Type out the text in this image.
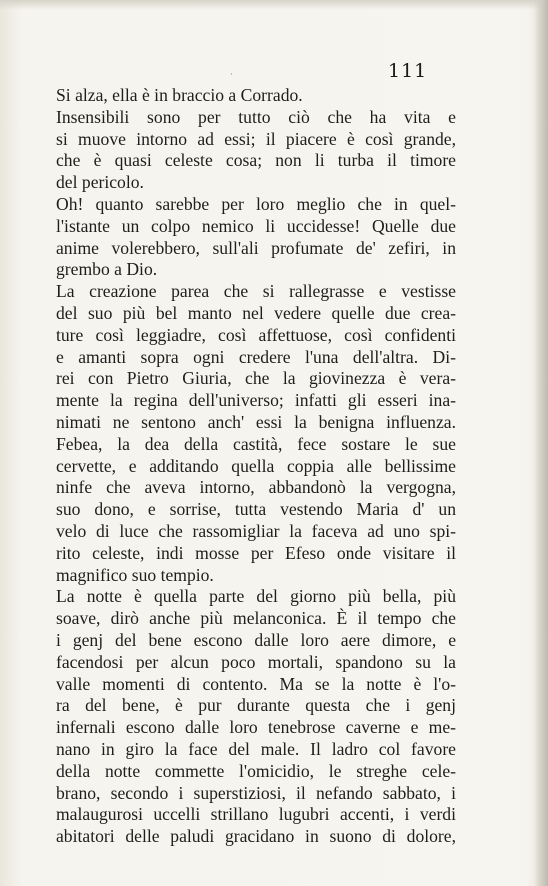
·	111
Si alza, ella è in braccio a Corrado.
Insensibili sono per tutto ciò che ha vita e
si muove intorno ad essi; il piacere è così grande,
che è quasi celeste cosa; non li turba il timore
del pericolo.
Oh! quanto sarebbe per loro meglio che in quel-
l'istante un colpo nemico li uccidesse! Quelle due
anime volerebbero, sull'ali profumate de' zefiri, in
grembo a Dio.
La creazione parea che si rallegrasse e vestisse
del suo più bel manto nel vedere quelle due crea-
ture così leggiadre, così affettuose, così confidenti
e amanti sopra ogni credere l'una dell'altra. Di-
rei con Pietro Giuria, che la giovinezza è vera-
mente la regina dell'universo; infatti gli esseri ina-
nimati ne sentono anch' essi la benigna influenza.
Febea, la dea della castità, fece sostare le sue
cervette, e additando quella coppia alle bellissime
ninfe che aveva intorno, abbandonò la vergogna,
suo dono, e sorrise, tutta vestendo Maria d' un
velo di luce che rassomigliar la faceva ad uno spi-
rito celeste, indi mosse per Efeso onde visitare il
magnifico suo tempio.
La notte è quella parte del giorno più bella, più
soave, dirò anche più melanconica. È il tempo che
i genj del bene escono dalle loro aere dimore, e
facendosi per alcun poco mortali, spandono su la
valle momenti di contento. Ma se la notte è l'o-
ra del bene, è pur durante questa che i genj
infernali escono dalle loro tenebrose caverne e me-
nano in giro la face del male. Il ladro col favore
della notte commette l'omicidio, le streghe cele-
brano, secondo i superstiziosi, il nefando sabbato, i
malaugurosi uccelli strillano lugubri accenti, i verdi
abitatori delle paludi gracidano in suono di dolore,
